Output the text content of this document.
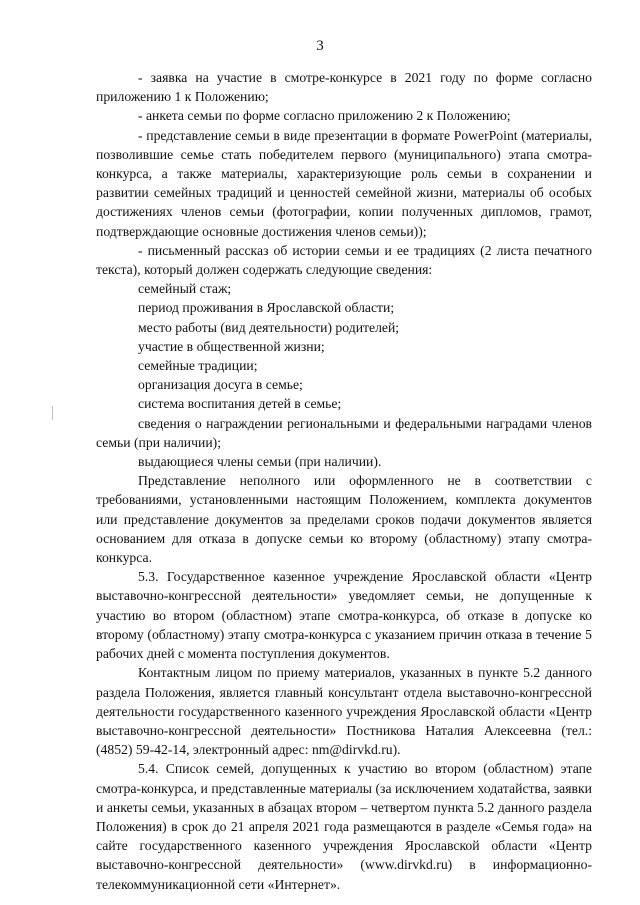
3

- заявка на участие в смотре-конкурсе в 2021 году по форме согласно приложению 1 к Положению;

- анкета семьи по форме согласно приложению 2 к Положению;

- представление семьи в виде презентации в формате PowerPoint (материалы, позволившие семье стать победителем первого (муниципального) этапа смотра-конкурса, а также материалы, характеризующие роль семьи в сохранении и развитии семейных традиций и ценностей семейной жизни, материалы об особых достижениях членов семьи (фотографии, копии полученных дипломов, грамот, подтверждающие основные достижения членов семьи));

- письменный рассказ об истории семьи и ее традициях (2 листа печатного текста), который должен содержать следующие сведения:

семейный стаж;
период проживания в Ярославской области;
место работы (вид деятельности) родителей;
участие в общественной жизни;
семейные традиции;
организация досуга в семье;
система воспитания детей в семье;
сведения о награждении региональными и федеральными наградами членов семьи (при наличии);
выдающиеся члены семьи (при наличии).

Представление неполного или оформленного не в соответствии с требованиями, установленными настоящим Положением, комплекта документов или представление документов за пределами сроков подачи документов является основанием для отказа в допуске семьи ко второму (областному) этапу смотра-конкурса.

5.3. Государственное казенное учреждение Ярославской области «Центр выставочно-конгрессной деятельности» уведомляет семьи, не допущенные к участию во втором (областном) этапе смотра-конкурса, об отказе в допуске ко второму (областному) этапу смотра-конкурса с указанием причин отказа в течение 5 рабочих дней с момента поступления документов.

Контактным лицом по приему материалов, указанных в пункте 5.2 данного раздела Положения, является главный консультант отдела выставочно-конгрессной деятельности государственного казенного учреждения Ярославской области «Центр выставочно-конгрессной деятельности» Постникова Наталия Алексеевна (тел.: (4852) 59-42-14, электронный адрес: nm@dirvkd.ru).

5.4. Список семей, допущенных к участию во втором (областном) этапе смотра-конкурса, и представленные материалы (за исключением ходатайства, заявки и анкеты семьи, указанных в абзацах втором – четвертом пункта 5.2 данного раздела Положения) в срок до 21 апреля 2021 года размещаются в разделе «Семья года» на сайте государственного казенного учреждения Ярославской области «Центр выставочно-конгрессной деятельности» (www.dirvkd.ru) в информационно-телекоммуникационной сети «Интернет».
